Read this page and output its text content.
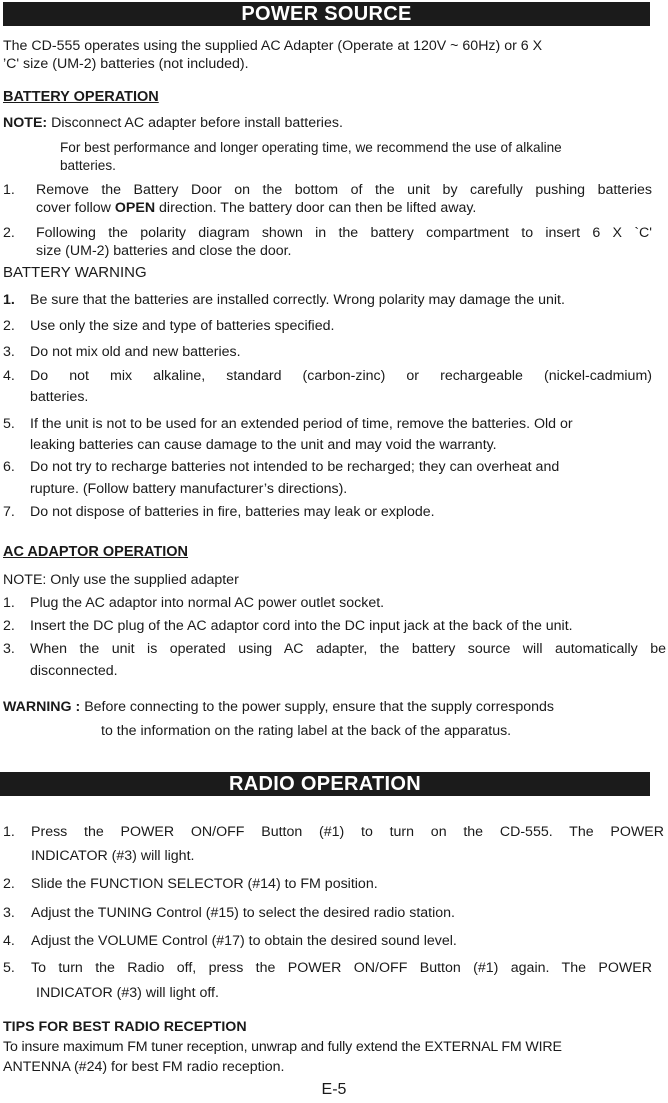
POWER SOURCE
The CD-555 operates using the supplied AC Adapter (Operate at 120V ~ 60Hz) or 6 X
’C' size (UM-2) batteries (not included).
BATTERY OPERATION
NOTE: Disconnect AC adapter before install batteries.
For best performance and longer operating time, we recommend the use of alkaline
batteries.
1.	Remove the Battery Door on the bottom of the unit by carefully pushing batteries
cover follow OPEN direction. The battery door can then be lifted away.
2.	Following the polarity diagram shown in the battery compartment to insert 6 X `C'
size (UM-2) batteries and close the door.
BATTERY WARNING
1.	Be sure that the batteries are installed correctly. Wrong polarity may damage the unit.
2.	Use only the size and type of batteries specified.
3.	Do not mix old and new batteries.
4.	Do not mix alkaline, standard (carbon-zinc) or rechargeable (nickel-cadmium)
batteries.
5.	If the unit is not to be used for an extended period of time, remove the batteries. Old or
leaking batteries can cause damage to the unit and may void the warranty.
6.	Do not try to recharge batteries not intended to be recharged; they can overheat and
rupture. (Follow battery manufacturer’s directions).
7.	Do not dispose of batteries in fire, batteries may leak or explode.
AC ADAPTOR OPERATION
NOTE: Only use the supplied adapter
1.	Plug the AC adaptor into normal AC power outlet socket.
2.	Insert the DC plug of the AC adaptor cord into the DC input jack at the back of the unit.
3.	When the unit is operated using AC adapter, the battery source will automatically be
disconnected.
WARNING : Before connecting to the power supply, ensure that the supply corresponds
to the information on the rating label at the back of the apparatus.
RADIO OPERATION
1.	Press the POWER ON/OFF Button (#1) to turn on the CD-555. The POWER
INDICATOR (#3) will light.
2.	Slide the FUNCTION SELECTOR (#14) to FM position.
3.	Adjust the TUNING Control (#15) to select the desired radio station.
4.	Adjust the VOLUME Control (#17) to obtain the desired sound level.
5.	To turn the Radio off, press the POWER ON/OFF Button (#1) again. The POWER
INDICATOR (#3) will light off.
TIPS FOR BEST RADIO RECEPTION
To insure maximum FM tuner reception, unwrap and fully extend the EXTERNAL FM WIRE
ANTENNA (#24) for best FM radio reception.
E-5
